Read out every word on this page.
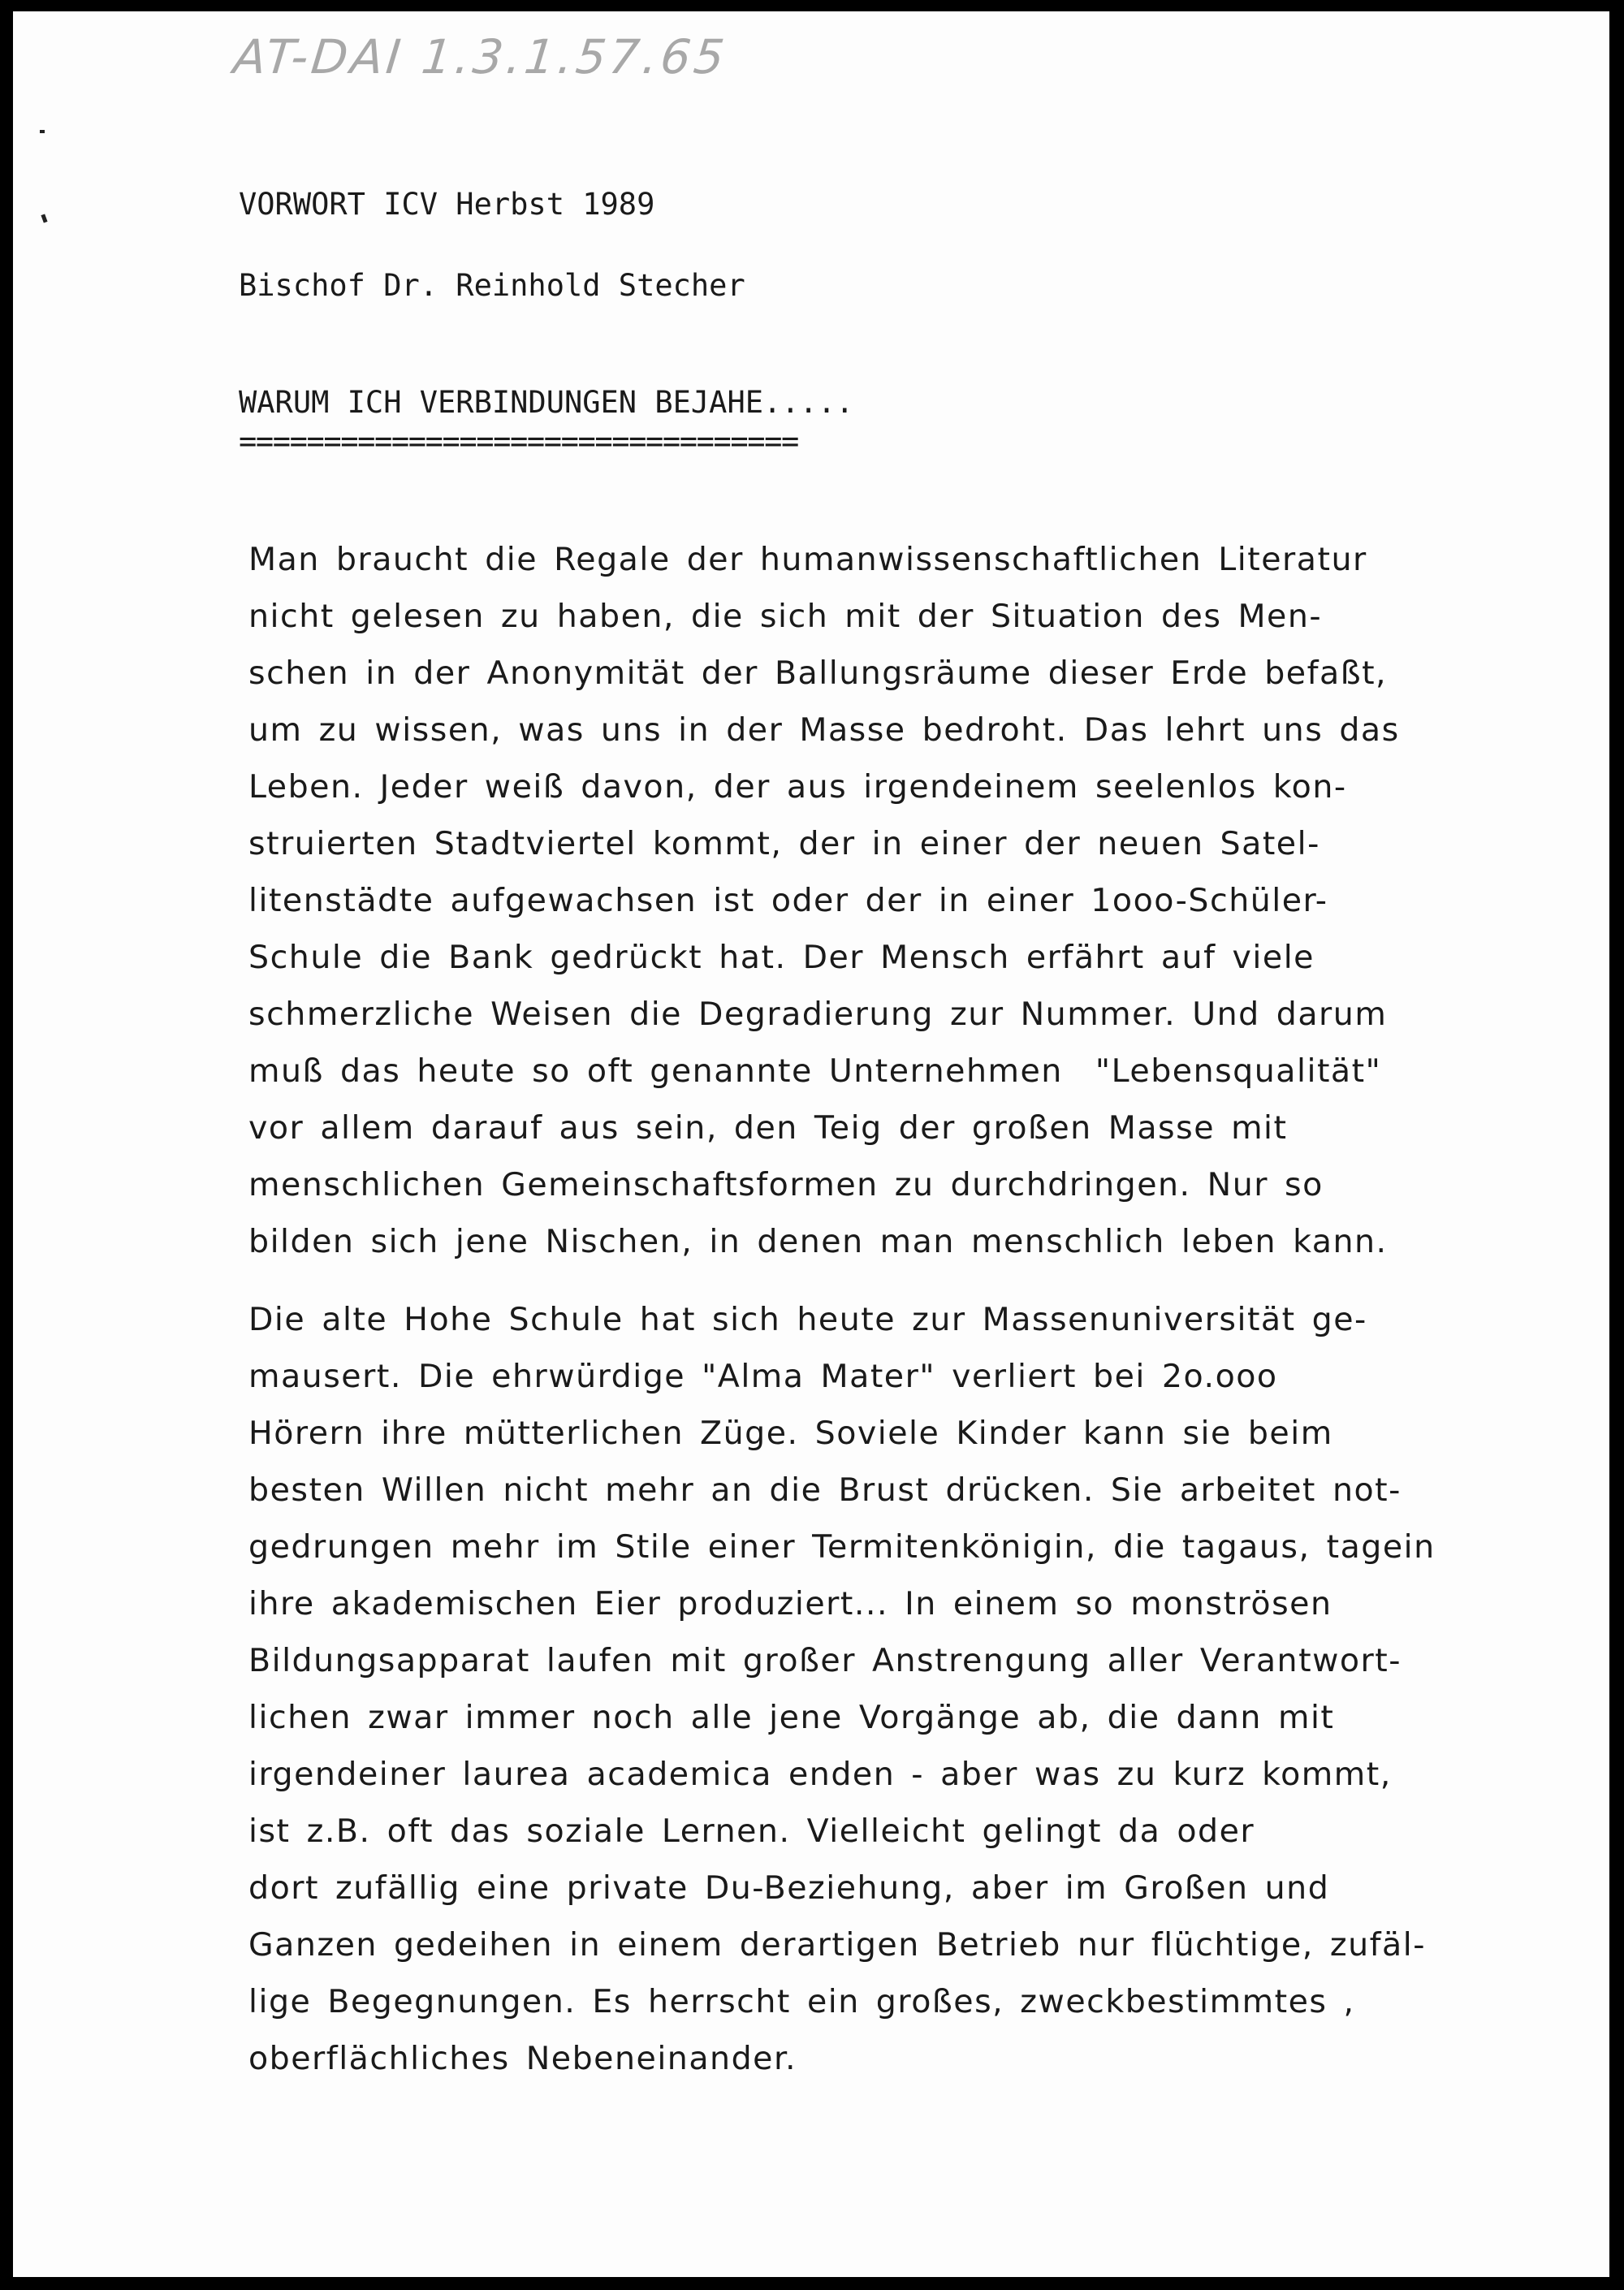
AT-DAI 1.3.1.57.65
VORWORT ICV Herbst 1989
Bischof Dr. Reinhold Stecher
WARUM ICH VERBINDUNGEN BEJAHE.....
=================================
Man braucht die Regale der humanwissenschaftlichen Literatur
nicht gelesen zu haben, die sich mit der Situation des Men-
schen in der Anonymität der Ballungsräume dieser Erde befaßt,
um zu wissen, was uns in der Masse bedroht. Das lehrt uns das
Leben. Jeder weiß davon, der aus irgendeinem seelenlos kon-
struierten Stadtviertel kommt, der in einer der neuen Satel-
litenstädte aufgewachsen ist oder der in einer 1ooo-Schüler-
Schule die Bank gedrückt hat. Der Mensch erfährt auf viele
schmerzliche Weisen die Degradierung zur Nummer. Und darum
muß das heute so oft genannte Unternehmen  "Lebensqualität"
vor allem darauf aus sein, den Teig der großen Masse mit
menschlichen Gemeinschaftsformen zu durchdringen. Nur so
bilden sich jene Nischen, in denen man menschlich leben kann.
Die alte Hohe Schule hat sich heute zur Massenuniversität ge-
mausert. Die ehrwürdige "Alma Mater" verliert bei 2o.ooo
Hörern ihre mütterlichen Züge. Soviele Kinder kann sie beim
besten Willen nicht mehr an die Brust drücken. Sie arbeitet not-
gedrungen mehr im Stile einer Termitenkönigin, die tagaus, tagein
ihre akademischen Eier produziert... In einem so monströsen
Bildungsapparat laufen mit großer Anstrengung aller Verantwort-
lichen zwar immer noch alle jene Vorgänge ab, die dann mit
irgendeiner laurea academica enden - aber was zu kurz kommt,
ist z.B. oft das soziale Lernen. Vielleicht gelingt da oder
dort zufällig eine private Du-Beziehung, aber im Großen und
Ganzen gedeihen in einem derartigen Betrieb nur flüchtige, zufäl-
lige Begegnungen. Es herrscht ein großes, zweckbestimmtes ,
oberflächliches Nebeneinander.
